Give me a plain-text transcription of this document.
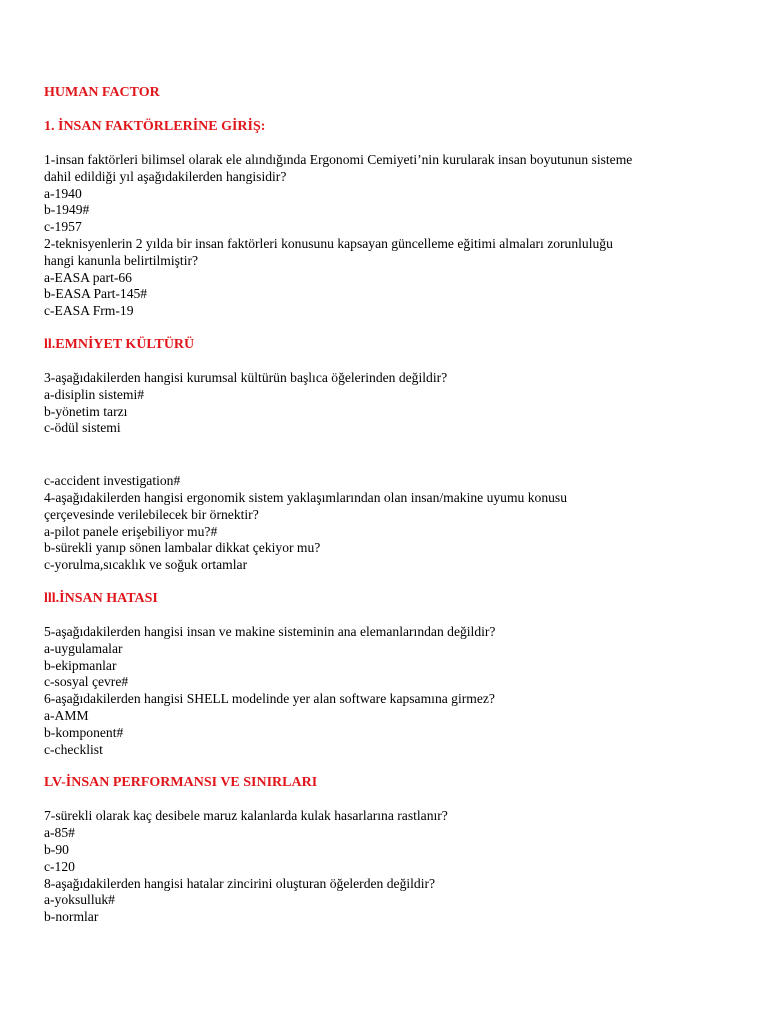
HUMAN FACTOR
1. İNSAN FAKTÖRLERİNE GİRİŞ:
1-insan faktörleri bilimsel olarak ele alındığında Ergonomi Cemiyeti’nin kurularak insan boyutunun sisteme
dahil edildiği yıl aşağıdakilerden hangisidir?
a-1940
b-1949#
c-1957
2-teknisyenlerin 2 yılda bir insan faktörleri konusunu kapsayan güncelleme eğitimi almaları zorunluluğu
hangi kanunla belirtilmiştir?
a-EASA part-66
b-EASA Part-145#
c-EASA Frm-19
ll.EMNİYET KÜLTÜRÜ
3-aşağıdakilerden hangisi kurumsal kültürün başlıca öğelerinden değildir?
a-disiplin sistemi#
b-yönetim tarzı
c-ödül sistemi
c-accident investigation#
4-aşağıdakilerden hangisi ergonomik sistem yaklaşımlarından olan insan/makine uyumu konusu
çerçevesinde verilebilecek bir örnektir?
a-pilot panele erişebiliyor mu?#
b-sürekli yanıp sönen lambalar dikkat çekiyor mu?
c-yorulma,sıcaklık ve soğuk ortamlar
lll.İNSAN HATASI
5-aşağıdakilerden hangisi insan ve makine sisteminin ana elemanlarından değildir?
a-uygulamalar
b-ekipmanlar
c-sosyal çevre#
6-aşağıdakilerden hangisi SHELL modelinde yer alan software kapsamına girmez?
a-AMM
b-komponent#
c-checklist
LV-İNSAN PERFORMANSI VE SINIRLARI
7-sürekli olarak kaç desibele maruz kalanlarda kulak hasarlarına rastlanır?
a-85#
b-90
c-120
8-aşağıdakilerden hangisi hatalar zincirini oluşturan öğelerden değildir?
a-yoksulluk#
b-normlar
